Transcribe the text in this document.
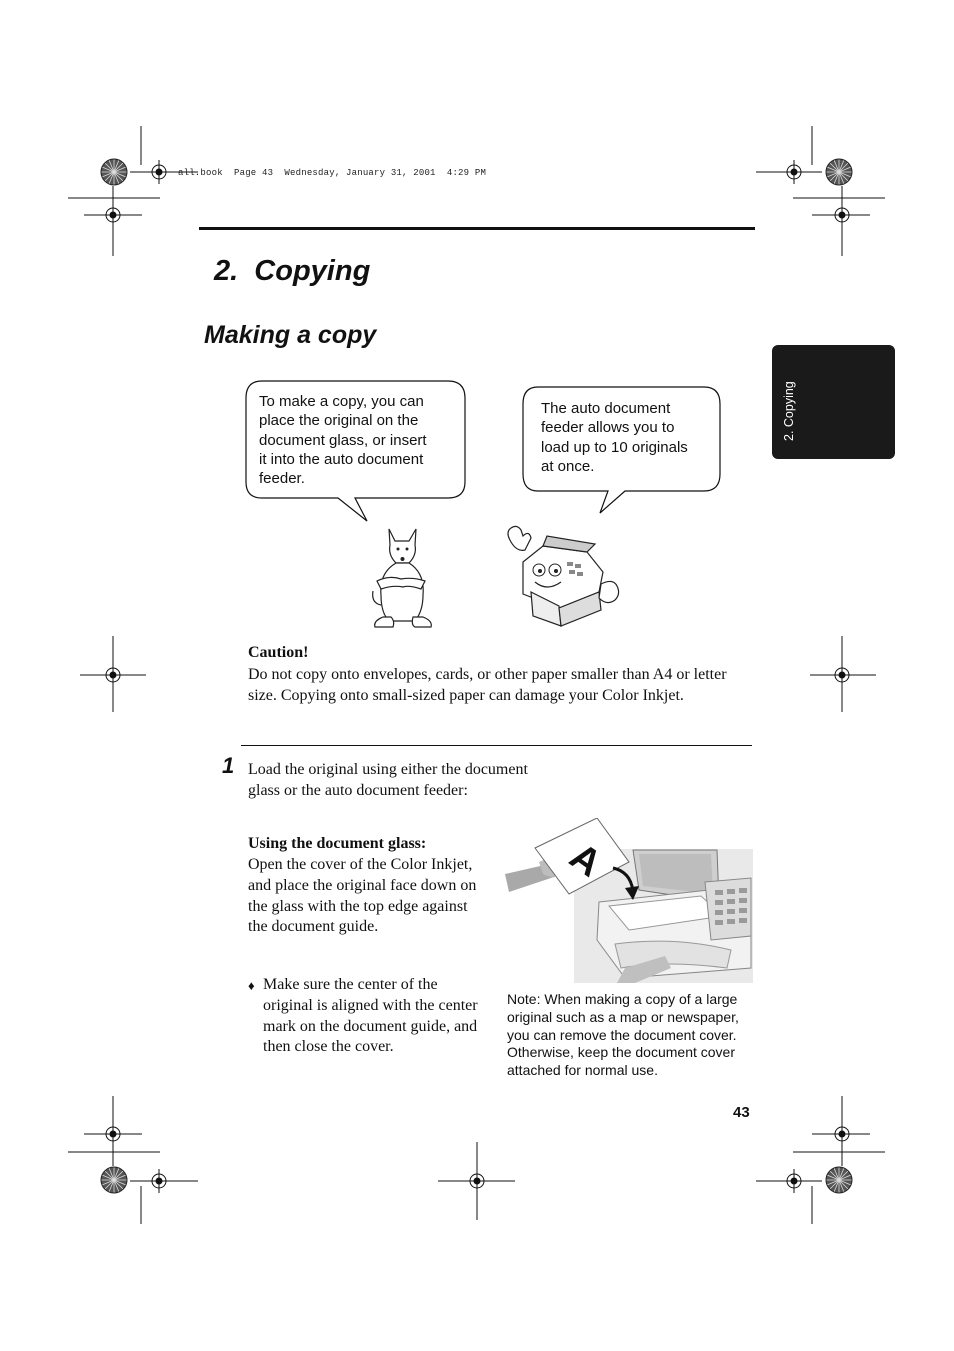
all.book  Page 43  Wednesday, January 31, 2001  4:29 PM
2.  Copying
Making a copy
2. Copying
To make a copy, you can
place the original on the
document glass, or insert
it into the auto document
feeder.
The auto document
feeder allows you to
load up to 10 originals
at once.
Caution!
Do not copy onto envelopes, cards, or other paper smaller than A4 or letter size. Copying onto small-sized paper can damage your Color Inkjet.
1 Load the original using either the document glass or the auto document feeder:
Using the document glass:
Open the cover of the Color Inkjet, and place the original face down on the glass with the top edge against the document guide.
♦ Make sure the center of the original is aligned with the center mark on the document guide, and then close the cover.
A
Note: When making a copy of a large original such as a map or newspaper, you can remove the document cover. Otherwise, keep the document cover attached for normal use.
43
